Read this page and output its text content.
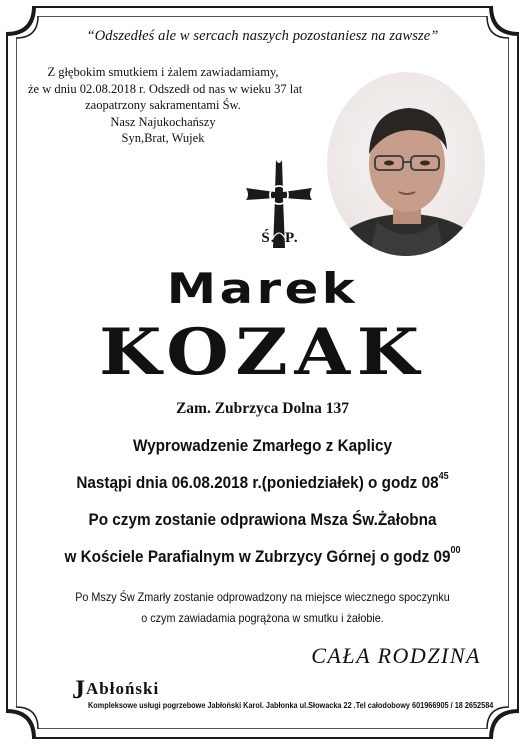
“Odszedłeś ale w sercach naszych pozostaniesz na zawsze”
Z głębokim smutkiem i żalem zawiadamiamy,
że w dniu 02.08.2018 r. Odszedł od nas w wieku 37 lat
zaopatrzony sakramentami Św.
Nasz Najukochańszy
Syn,Brat, Wujek
Ś.+P.
Marek
KOZAK
Zam. Zubrzyca Dolna 137
Wyprowadzenie Zmarłego z Kaplicy
Nastąpi dnia 06.08.2018 r.(poniedziałek) o godz $08^{45}$
Po czym zostanie odprawiona Msza Św.Żałobna
w Kościele Parafialnym w Zubrzycy Górnej o godz $09^{00}$
Po Mszy Św Zmarły zostanie odprowadzony na miejsce wiecznego spoczynku
o czym zawiadamia pogrążona w smutku i żałobie.
CAŁA RODZINA
JAbłoński
Kompleksowe usługi pogrzebowe Jabłoński Karol. Jabłonka ul.Słowacka 22 .Tel całodobowy 601966905 / 18 2652584
